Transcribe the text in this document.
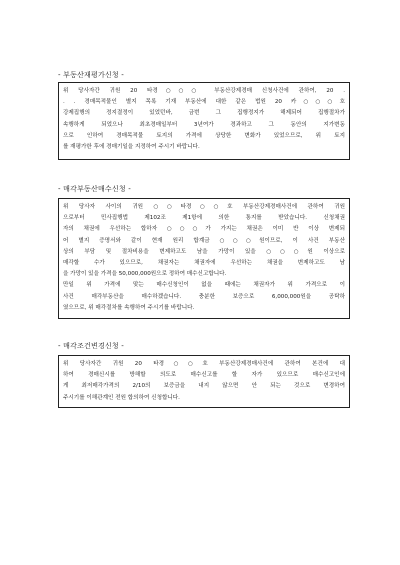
- 부동산재평가신청 -
위 당사자간 귀원 20 타경○○○ 부동산강제경매 신청사건에 관하여, 20 .
. . 경매목적물인 별지 목록 기재 부동산에 대한 같은 법원 20 카○○○호
강제집행의 정지결정이 있었던바, 금번 그 집행정지가 해제되어 집행절차가
속행하게 되었으나 최초경매일부터 3년여가 경과하고 그 동안의 지가변동
으로 인하여 경매목적물 토지의 가격에 상당한 변화가 있었으므로, 위 토지
를 재평가한 후에 경매기일을 지정하여 주시기 바랍니다.
- 매각부동산매수신청 -
위 당사자 사이의 귀원 ○○타경○○호 부동산강제경매사건에 관하여 귀원
으로부터 민사집행법 제102조 제1항에 의한 통지를 받았습니다. 신청채권
자의 채권에 우선하는 합하자 ○○○가 가지는 채권은 이미 반 이상 변제되
어 별지 증명서와 같이 현재 원리 합계금 ○○○원이므로, 이 사건 부동산
상의 부담 및 절차비용을 변제하고도 남을 가망이 있을 ○○○원 이상으로
매각할 수가 있으므로, 채권자는 채권자에 우선하는 채권을 변제하고도 남
을 가망이 있을 가격을 50,000,000원으로 정하여 매수신고합니다.
만일 위 가격에 맞는 매수신청인이 없을 때에는 채권자가 위 가격으로 이
사건 매각부동산을 매수하겠습니다. 충분한 보증으로 6,000,000원을 공탁하
였으므로, 위 매각절차를 속행하여 주시기를 바랍니다.
- 매각조건변경신청 -
위 당사자간 귀원 20 타경○○호 부동산강제경매사건에 관하여 본건에 대
하여 경매신시를 방해할 의도로 매수신고를 할 자가 있으므로 매수신고인에
게 최저매각가격의 2/10의 보증금을 내지 않으면 안 되는 것으로 변경하여
주시기를 이해관계인 전원 합의하여 신청합니다.
